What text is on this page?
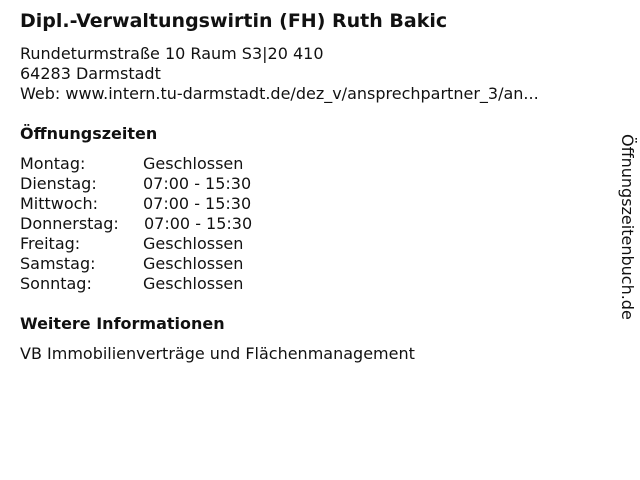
Dipl.-Verwaltungswirtin (FH) Ruth Bakic
Rundeturmstraße 10 Raum S3|20 410
64283 Darmstadt
Web: www.intern.tu-darmstadt.de/dez_v/ansprechpartner_3/an...
Öffnungszeiten
Montag:	Geschlossen
Dienstag:	07:00 - 15:30
Mittwoch:	07:00 - 15:30
Donnerstag: 07:00 - 15:30
Freitag:	Geschlossen
Samstag:	Geschlossen
Sonntag:	Geschlossen
Weitere Informationen
VB Immobilienverträge und Flächenmanagement
Öffnungszeitenbuch.de
